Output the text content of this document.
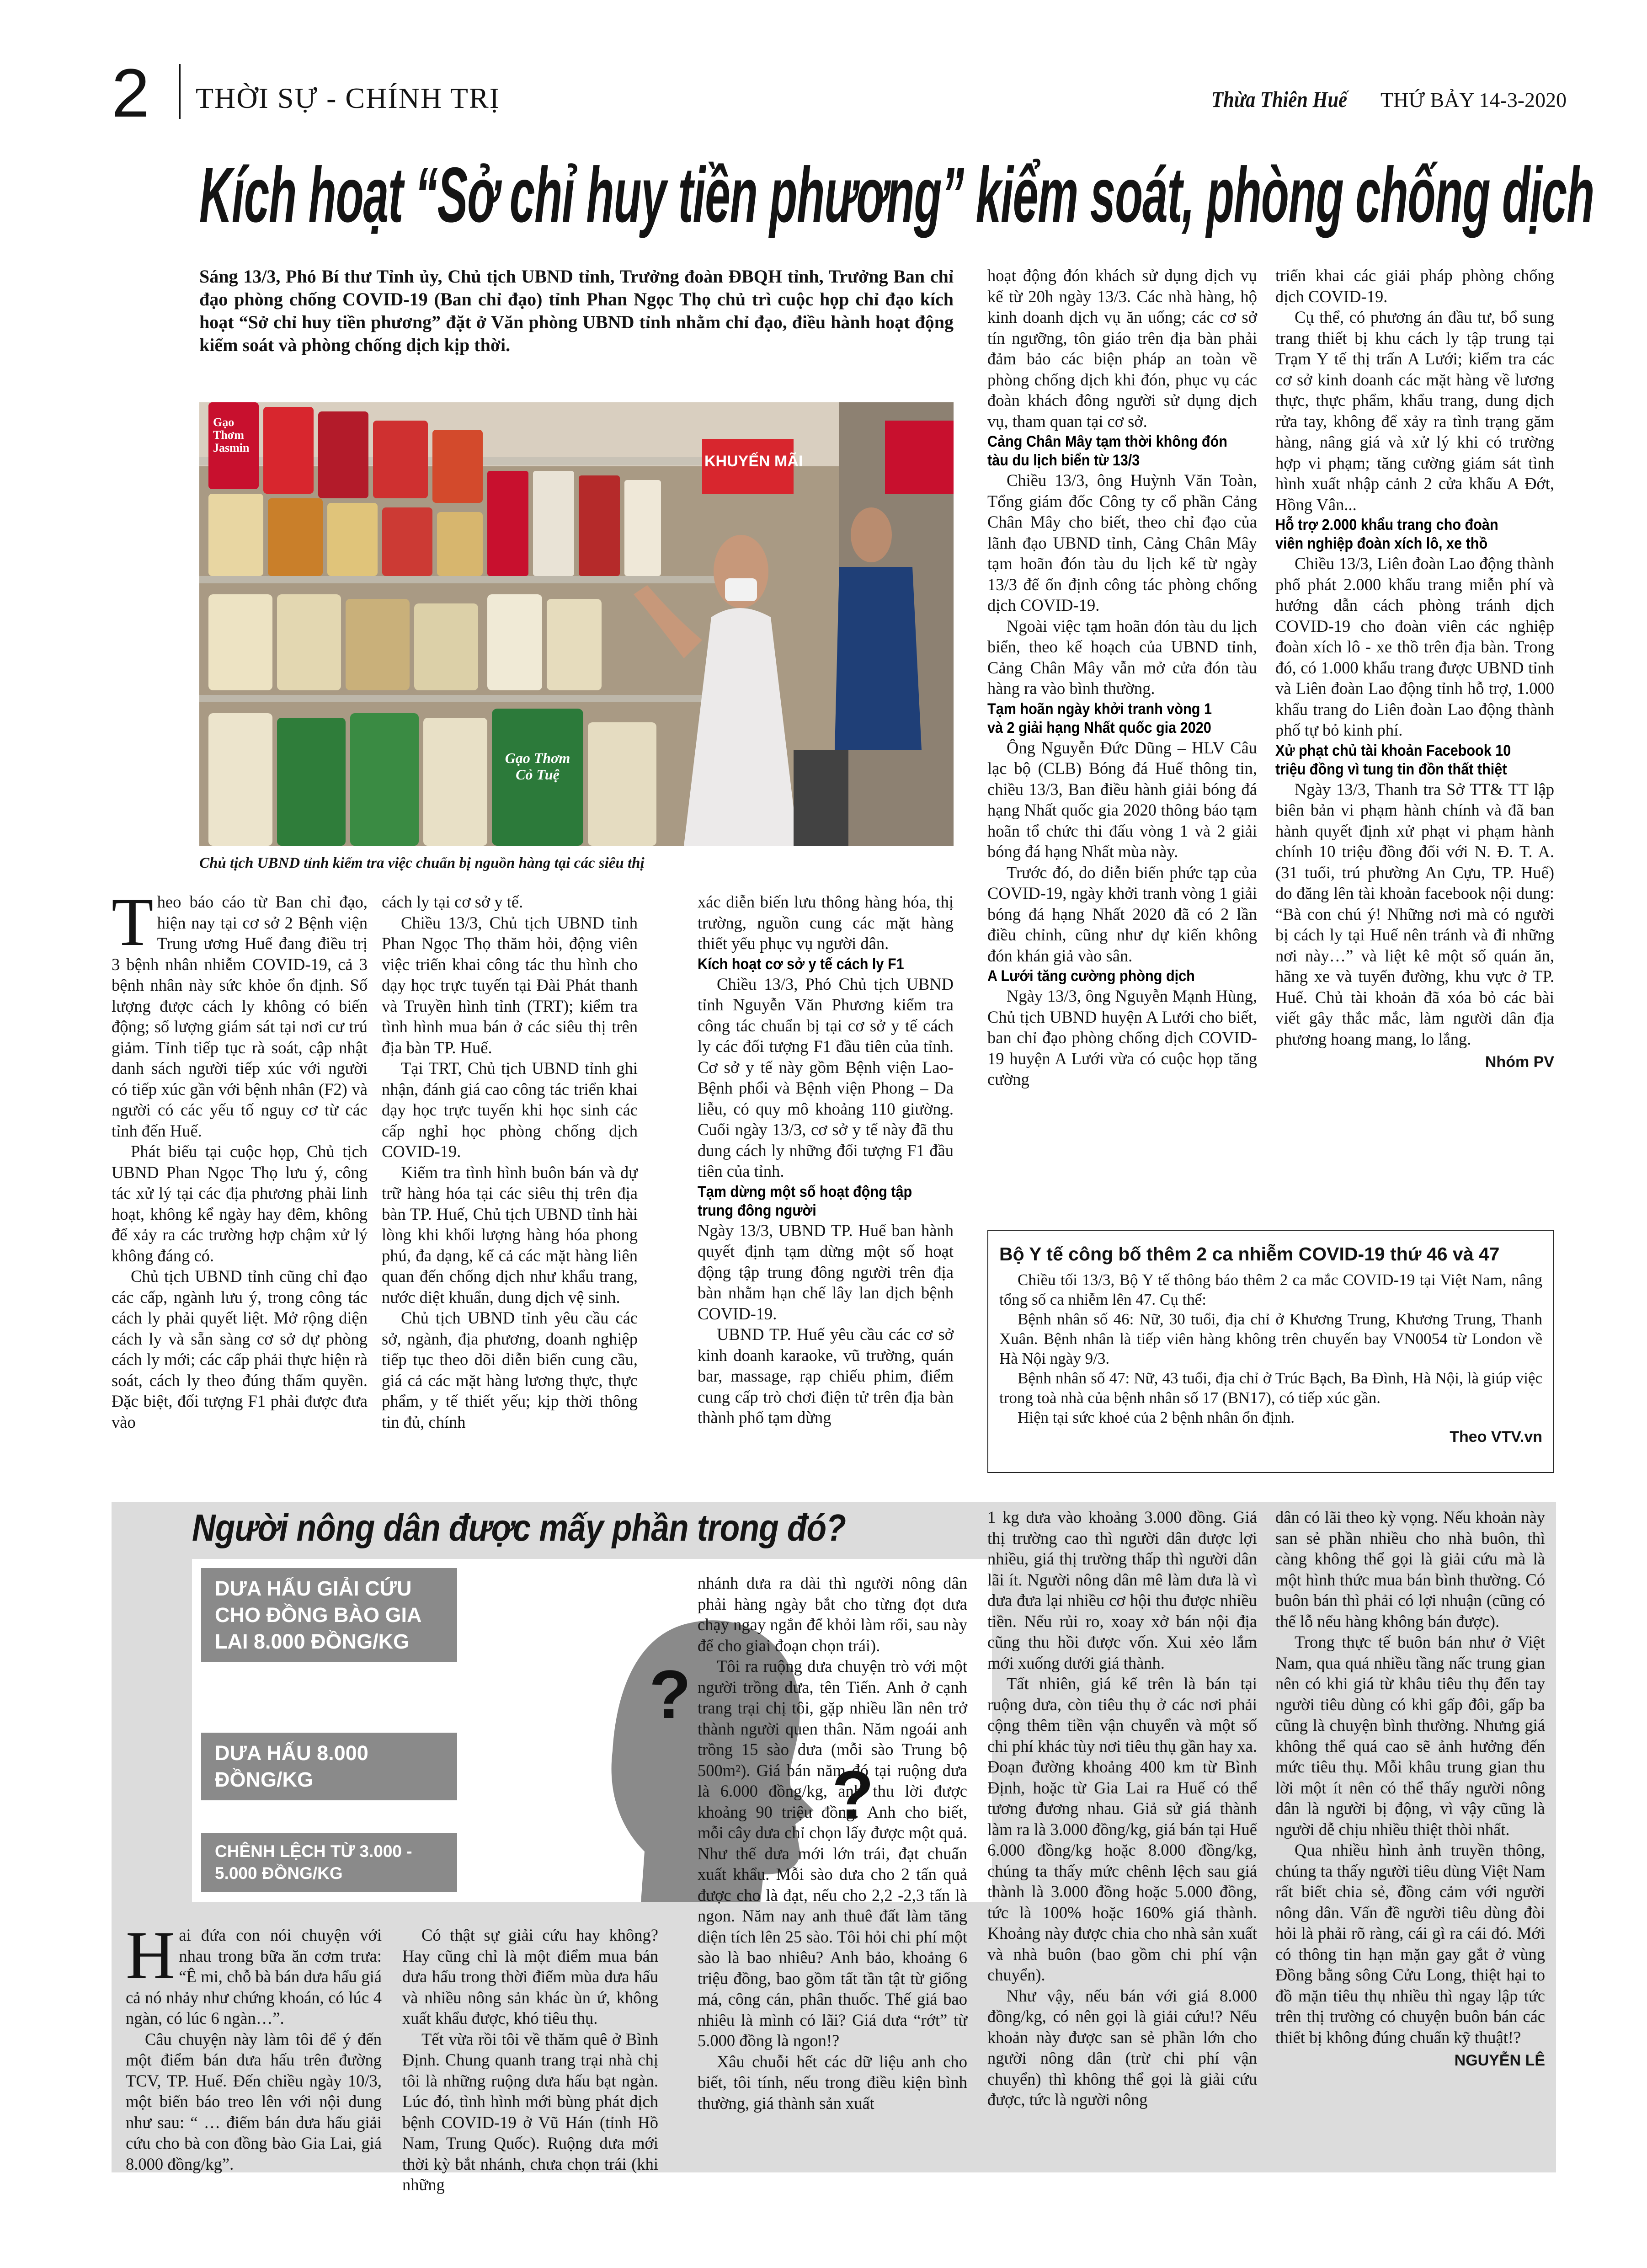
2 THỜI SỰ - CHÍNH TRỊ	Thừa Thiên Huế THỨ BẢY 14-3-2020
Kích hoạt “Sở chỉ huy tiền phương” kiểm soát, phòng chống dịch
Sáng 13/3, Phó Bí thư Tỉnh ủy, Chủ tịch UBND tỉnh, Trưởng đoàn ĐBQH tỉnh, Trưởng Ban chỉ đạo phòng chống COVID-19 (Ban chỉ đạo) tỉnh Phan Ngọc Thọ chủ trì cuộc họp chỉ đạo kích hoạt “Sở chỉ huy tiền phương” đặt ở Văn phòng UBND tỉnh nhằm chỉ đạo, điều hành hoạt động kiểm soát và phòng chống dịch kịp thời.
Gạo Thơm Jasmin
KHUYẾN MÃI
Gạo Thơm Cỏ Tuệ
Chủ tịch UBND tỉnh kiểm tra việc chuẩn bị nguồn hàng tại các siêu thị

Theo báo cáo từ Ban chỉ đạo, hiện nay tại cơ sở 2 Bệnh viện Trung ương Huế đang điều trị 3 bệnh nhân nhiễm COVID-19, cả 3 bệnh nhân này sức khỏe ổn định. Số lượng được cách ly không có biến động; số lượng giám sát tại nơi cư trú giảm. Tỉnh tiếp tục rà soát, cập nhật danh sách người tiếp xúc với người có tiếp xúc gần với bệnh nhân (F2) và người có các yếu tố nguy cơ từ các tỉnh đến Huế.

Phát biểu tại cuộc họp, Chủ tịch UBND Phan Ngọc Thọ lưu ý, công tác xử lý tại các địa phương phải linh hoạt, không kể ngày hay đêm, không để xảy ra các trường hợp chậm xử lý không đáng có.

Chủ tịch UBND tỉnh cũng chỉ đạo các cấp, ngành lưu ý, trong công tác cách ly phải quyết liệt. Mở rộng diện cách ly và sẵn sàng cơ sở dự phòng cách ly mới; các cấp phải thực hiện rà soát, cách ly theo đúng thẩm quyền. Đặc biệt, đối tượng F1 phải được đưa vào

cách ly tại cơ sở y tế.

Chiều 13/3, Chủ tịch UBND tỉnh Phan Ngọc Thọ thăm hỏi, động viên việc triển khai công tác thu hình cho dạy học trực tuyến tại Đài Phát thanh và Truyền hình tỉnh (TRT); kiểm tra tình hình mua bán ở các siêu thị trên địa bàn TP. Huế.

Tại TRT, Chủ tịch UBND tỉnh ghi nhận, đánh giá cao công tác triển khai dạy học trực tuyến khi học sinh các cấp nghỉ học phòng chống dịch COVID-19.

Kiểm tra tình hình buôn bán và dự trữ hàng hóa tại các siêu thị trên địa bàn TP. Huế, Chủ tịch UBND tỉnh hài lòng khi khối lượng hàng hóa phong phú, đa dạng, kể cả các mặt hàng liên quan đến chống dịch như khẩu trang, nước diệt khuẩn, dung dịch vệ sinh.

Chủ tịch UBND tỉnh yêu cầu các sở, ngành, địa phương, doanh nghiệp tiếp tục theo dõi diễn biến cung cầu, giá cả các mặt hàng lương thực, thực phẩm, y tế thiết yếu; kịp thời thông tin đủ, chính

xác diễn biến lưu thông hàng hóa, thị trường, nguồn cung các mặt hàng thiết yếu phục vụ người dân.

Kích hoạt cơ sở y tế cách ly F1

Chiều 13/3, Phó Chủ tịch UBND tỉnh Nguyễn Văn Phương kiểm tra công tác chuẩn bị tại cơ sở y tế cách ly các đối tượng F1 đầu tiên của tỉnh. Cơ sở y tế này gồm Bệnh viện Lao-Bệnh phổi và Bệnh viện Phong – Da liễu, có quy mô khoảng 110 giường. Cuối ngày 13/3, cơ sở y tế này đã thu dung cách ly những đối tượng F1 đầu tiên của tỉnh.

Tạm dừng một số hoạt động tập trung đông người

Ngày 13/3, UBND TP. Huế ban hành quyết định tạm dừng một số hoạt động tập trung đông người trên địa bàn nhằm hạn chế lây lan dịch bệnh COVID-19.

UBND TP. Huế yêu cầu các cơ sở kinh doanh karaoke, vũ trường, quán bar, massage, rạp chiếu phim, điểm cung cấp trò chơi điện tử trên địa bàn thành phố tạm dừng

hoạt động đón khách sử dụng dịch vụ kể từ 20h ngày 13/3. Các nhà hàng, hộ kinh doanh dịch vụ ăn uống; các cơ sở tín ngưỡng, tôn giáo trên địa bàn phải đảm bảo các biện pháp an toàn về phòng chống dịch khi đón, phục vụ các đoàn khách đông người sử dụng dịch vụ, tham quan tại cơ sở.

Cảng Chân Mây tạm thời không đón tàu du lịch biển từ 13/3

Chiều 13/3, ông Huỳnh Văn Toàn, Tổng giám đốc Công ty cổ phần Cảng Chân Mây cho biết, theo chỉ đạo của lãnh đạo UBND tỉnh, Cảng Chân Mây tạm hoãn đón tàu du lịch kể từ ngày 13/3 để ổn định công tác phòng chống dịch COVID-19.

Ngoài việc tạm hoãn đón tàu du lịch biển, theo kế hoạch của UBND tỉnh, Cảng Chân Mây vẫn mở cửa đón tàu hàng ra vào bình thường.

Tạm hoãn ngày khởi tranh vòng 1 và 2 giải hạng Nhất quốc gia 2020

Ông Nguyễn Đức Dũng – HLV Câu lạc bộ (CLB) Bóng đá Huế thông tin, chiều 13/3, Ban điều hành giải bóng đá hạng Nhất quốc gia 2020 thông báo tạm hoãn tổ chức thi đấu vòng 1 và 2 giải bóng đá hạng Nhất mùa này.

Trước đó, do diễn biến phức tạp của COVID-19, ngày khởi tranh vòng 1 giải bóng đá hạng Nhất 2020 đã có 2 lần điều chỉnh, cũng như dự kiến không đón khán giả vào sân.

A Lưới tăng cường phòng dịch

Ngày 13/3, ông Nguyễn Mạnh Hùng, Chủ tịch UBND huyện A Lưới cho biết, ban chỉ đạo phòng chống dịch COVID-19 huyện A Lưới vừa có cuộc họp tăng cường

triển khai các giải pháp phòng chống dịch COVID-19.

Cụ thể, có phương án đầu tư, bổ sung trang thiết bị khu cách ly tập trung tại Trạm Y tế thị trấn A Lưới; kiểm tra các cơ sở kinh doanh các mặt hàng về lương thực, thực phẩm, khẩu trang, dung dịch rửa tay, không để xảy ra tình trạng găm hàng, nâng giá và xử lý khi có trường hợp vi phạm; tăng cường giám sát tình hình xuất nhập cảnh 2 cửa khẩu A Đớt, Hồng Vân...

Hỗ trợ 2.000 khẩu trang cho đoàn viên nghiệp đoàn xích lô, xe thồ

Chiều 13/3, Liên đoàn Lao động thành phố phát 2.000 khẩu trang miễn phí và hướng dẫn cách phòng tránh dịch COVID-19 cho đoàn viên các nghiệp đoàn xích lô - xe thồ trên địa bàn. Trong đó, có 1.000 khẩu trang được UBND tỉnh và Liên đoàn Lao động tỉnh hỗ trợ, 1.000 khẩu trang do Liên đoàn Lao động thành phố tự bỏ kinh phí.

Xử phạt chủ tài khoản Facebook 10 triệu đồng vì tung tin đồn thất thiệt

Ngày 13/3, Thanh tra Sở TT& TT lập biên bản vi phạm hành chính và đã ban hành quyết định xử phạt vi phạm hành chính 10 triệu đồng đối với N. Đ. T. A. (31 tuổi, trú phường An Cựu, TP. Huế) do đăng lên tài khoản facebook nội dung: “Bà con chú ý! Những nơi mà có người bị cách ly tại Huế nên tránh và đi những nơi này…” và liệt kê một số quán ăn, hãng xe và tuyến đường, khu vực ở TP. Huế. Chủ tài khoản đã xóa bỏ các bài viết gây thắc mắc, làm người dân địa phương hoang mang, lo lắng.

Nhóm PV
Bộ Y tế công bố thêm 2 ca nhiễm COVID-19 thứ 46 và 47

Chiều tối 13/3, Bộ Y tế thông báo thêm 2 ca mắc COVID-19 tại Việt Nam, nâng tổng số ca nhiễm lên 47. Cụ thể:

Bệnh nhân số 46: Nữ, 30 tuổi, địa chỉ ở Khương Trung, Khương Trung, Thanh Xuân. Bệnh nhân là tiếp viên hàng không trên chuyến bay VN0054 từ London về Hà Nội ngày 9/3.

Bệnh nhân số 47: Nữ, 43 tuổi, địa chỉ ở Trúc Bạch, Ba Đình, Hà Nội, là giúp việc trong toà nhà của bệnh nhân số 17 (BN17), có tiếp xúc gần.

Hiện tại sức khoẻ của 2 bệnh nhân ổn định.

Theo VTV.vn
Người nông dân được mấy phần trong đó?
?
?
DƯA HẤU GIẢI CỨU CHO ĐỒNG BÀO GIA LAI 8.000 ĐỒNG/KG
DƯA HẤU 8.000 ĐỒNG/KG
CHÊNH LỆCH TỪ 3.000 - 5.000 ĐỒNG/KG

Hai đứa con nói chuyện với nhau trong bữa ăn cơm trưa: “Ê mi, chỗ bà bán dưa hấu giá cả nó nhảy như chứng khoán, có lúc 4 ngàn, có lúc 6 ngàn…”.

Câu chuyện này làm tôi để ý đến một điểm bán dưa hấu trên đường TCV, TP. Huế. Đến chiều ngày 10/3, một biển báo treo lên với nội dung như sau: “ … điểm bán dưa hấu giải cứu cho bà con đồng bào Gia Lai, giá 8.000 đồng/kg”.

Có thật sự giải cứu hay không? Hay cũng chỉ là một điểm mua bán dưa hấu trong thời điểm mùa dưa hấu và nhiều nông sản khác ùn ứ, không xuất khẩu được, khó tiêu thụ.

Tết vừa rồi tôi về thăm quê ở Bình Định. Chung quanh trang trại nhà chị tôi là những ruộng dưa hấu bạt ngàn. Lúc đó, tình hình mới bùng phát dịch bệnh COVID-19 ở Vũ Hán (tỉnh Hồ Nam, Trung Quốc). Ruộng dưa mới thời kỳ bắt nhánh, chưa chọn trái (khi những

nhánh dưa ra dài thì người nông dân phải hàng ngày bắt cho từng đọt dưa chạy ngay ngắn để khỏi làm rối, sau này để cho giai đoạn chọn trái).

Tôi ra ruộng dưa chuyện trò với một người trồng dưa, tên Tiến. Anh ở cạnh trang trại chị tôi, gặp nhiều lần nên trở thành người quen thân. Năm ngoái anh trồng 15 sào dưa (mỗi sào Trung bộ 500m²). Giá bán năm đó tại ruộng dưa là 6.000 đồng/kg, anh thu lời được khoảng 90 triệu đồng. Anh cho biết, mỗi cây dưa chỉ chọn lấy được một quả. Như thế dưa mới lớn trái, đạt chuẩn xuất khẩu. Mỗi sào dưa cho 2 tấn quả được cho là đạt, nếu cho 2,2 -2,3 tấn là ngon. Năm nay anh thuê đất làm tăng diện tích lên 25 sào. Tôi hỏi chi phí một sào là bao nhiêu? Anh bảo, khoảng 6 triệu đồng, bao gồm tất tần tật từ giống má, công cán, phân thuốc. Thế giá bao nhiêu là mình có lãi? Giá dưa “rớt” từ 5.000 đồng là ngon!?

Xâu chuỗi hết các dữ liệu anh cho biết, tôi tính, nếu trong điều kiện bình thường, giá thành sản xuất

1 kg dưa vào khoảng 3.000 đồng. Giá thị trường cao thì người dân được lợi nhiều, giá thị trường thấp thì người dân lãi ít. Người nông dân mê làm dưa là vì dưa đưa lại nhiều cơ hội thu được nhiều tiền. Nếu rủi ro, xoay xở bán nội địa cũng thu hồi được vốn. Xui xẻo lắm mới xuống dưới giá thành.

Tất nhiên, giá kể trên là bán tại ruộng dưa, còn tiêu thụ ở các nơi phải cộng thêm tiền vận chuyển và một số chi phí khác tùy nơi tiêu thụ gần hay xa. Đoạn đường khoảng 400 km từ Bình Định, hoặc từ Gia Lai ra Huế có thể tương đương nhau. Giả sử giá thành làm ra là 3.000 đồng/kg, giá bán tại Huế 6.000 đồng/kg hoặc 8.000 đồng/kg, chúng ta thấy mức chênh lệch sau giá thành là 3.000 đồng hoặc 5.000 đồng, tức là 100% hoặc 160% giá thành. Khoảng này được chia cho nhà sản xuất và nhà buôn (bao gồm chi phí vận chuyển).

Như vậy, nếu bán với giá 8.000 đồng/kg, có nên gọi là giải cứu!? Nếu khoản này được san sẻ phần lớn cho người nông dân (trừ chi phí vận chuyển) thì không thể gọi là giải cứu được, tức là người nông

dân có lãi theo kỳ vọng. Nếu khoản này san sẻ phần nhiều cho nhà buôn, thì càng không thể gọi là giải cứu mà là một hình thức mua bán bình thường. Có buôn bán thì phải có lợi nhuận (cũng có thể lỗ nếu hàng không bán được).

Trong thực tế buôn bán như ở Việt Nam, qua quá nhiều tầng nấc trung gian nên có khi giá từ khâu tiêu thụ đến tay người tiêu dùng có khi gấp đôi, gấp ba cũng là chuyện bình thường. Nhưng giá không thể quá cao sẽ ảnh hưởng đến mức tiêu thụ. Mỗi khâu trung gian thu lời một ít nên có thể thấy người nông dân là người bị động, vì vậy cũng là người dễ chịu nhiều thiệt thòi nhất.

Qua nhiều hình ảnh truyền thông, chúng ta thấy người tiêu dùng Việt Nam rất biết chia sẻ, đồng cảm với người nông dân. Vấn đề người tiêu dùng đòi hỏi là phải rõ ràng, cái gì ra cái đó. Mới có thông tin hạn mặn gay gắt ở vùng Đồng bằng sông Cửu Long, thiệt hại to đồ mặn tiêu thụ nhiều thì ngay lập tức trên thị trường có chuyện buôn bán các thiết bị không đúng chuẩn kỹ thuật!?

NGUYỄN LÊ
